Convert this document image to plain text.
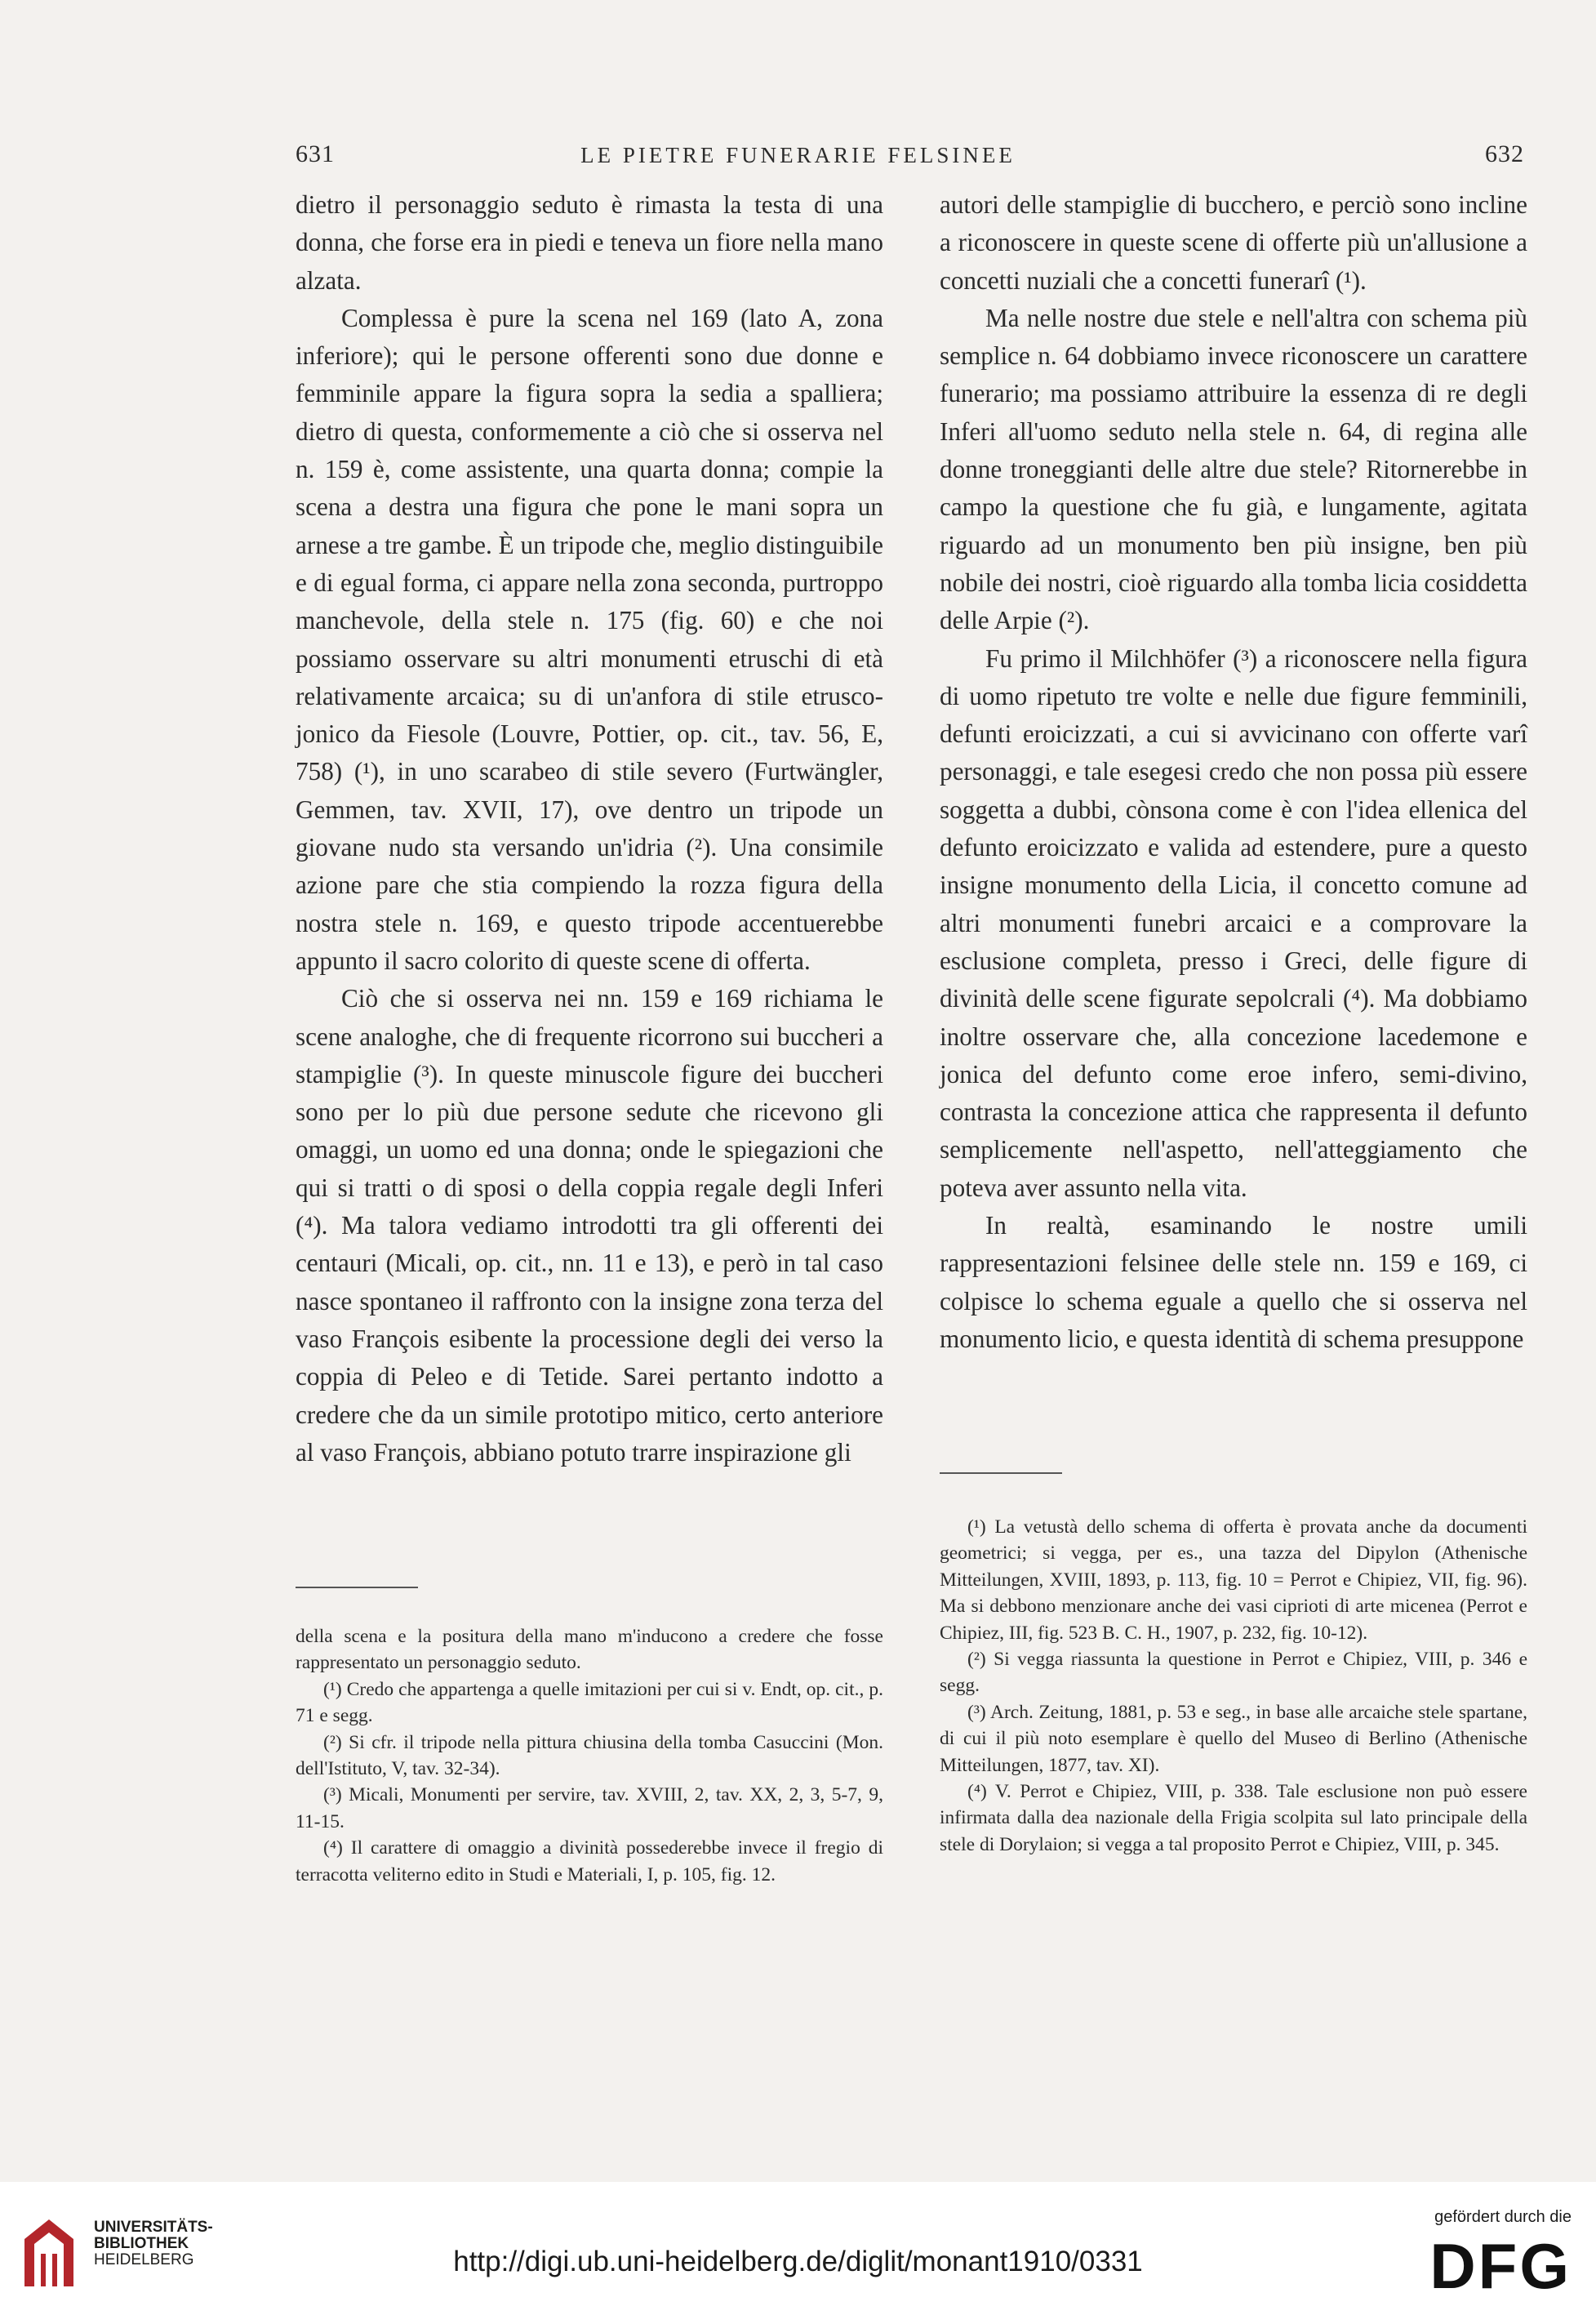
631	LE PIETRE FUNERARIE FELSINEE	632

dietro il personaggio seduto è rimasta la testa di una donna, che forse era in piedi e teneva un fiore nella mano alzata.

Complessa è pure la scena nel 169 (lato A, zona inferiore); qui le persone offerenti sono due donne e femminile appare la figura sopra la sedia a spalliera; dietro di questa, conformemente a ciò che si osserva nel n. 159 è, come assistente, una quarta donna; compie la scena a destra una figura che pone le mani sopra un arnese a tre gambe. È un tripode che, meglio distinguibile e di egual forma, ci appare nella zona seconda, purtroppo manchevole, della stele n. 175 (fig. 60) e che noi possiamo osservare su altri monumenti etruschi di età relativamente arcaica; su di un'anfora di stile etrusco-jonico da Fiesole (Louvre, Pottier, op. cit., tav. 56, E, 758) (¹), in uno scarabeo di stile severo (Furtwängler, Gemmen, tav. XVII, 17), ove dentro un tripode un giovane nudo sta versando un'idria (²). Una consimile azione pare che stia compiendo la rozza figura della nostra stele n. 169, e questo tripode accentuerebbe appunto il sacro colorito di queste scene di offerta.

Ciò che si osserva nei nn. 159 e 169 richiama le scene analoghe, che di frequente ricorrono sui buccheri a stampiglie (³). In queste minuscole figure dei buccheri sono per lo più due persone sedute che ricevono gli omaggi, un uomo ed una donna; onde le spiegazioni che qui si tratti o di sposi o della coppia regale degli Inferi (⁴). Ma talora vediamo introdotti tra gli offerenti dei centauri (Micali, op. cit., nn. 11 e 13), e però in tal caso nasce spontaneo il raffronto con la insigne zona terza del vaso François esibente la processione degli dei verso la coppia di Peleo e di Tetide. Sarei pertanto indotto a credere che da un simile prototipo mitico, certo anteriore al vaso François, abbiano potuto trarre inspirazione gli

autori delle stampiglie di bucchero, e perciò sono incline a riconoscere in queste scene di offerte più un'allusione a concetti nuziali che a concetti funerarî (¹).

Ma nelle nostre due stele e nell'altra con schema più semplice n. 64 dobbiamo invece riconoscere un carattere funerario; ma possiamo attribuire la essenza di re degli Inferi all'uomo seduto nella stele n. 64, di regina alle donne troneggianti delle altre due stele? Ritornerebbe in campo la questione che fu già, e lungamente, agitata riguardo ad un monumento ben più insigne, ben più nobile dei nostri, cioè riguardo alla tomba licia cosiddetta delle Arpie (²).

Fu primo il Milchhöfer (³) a riconoscere nella figura di uomo ripetuto tre volte e nelle due figure femminili, defunti eroicizzati, a cui si avvicinano con offerte varî personaggi, e tale esegesi credo che non possa più essere soggetta a dubbi, cònsona come è con l'idea ellenica del defunto eroicizzato e valida ad estendere, pure a questo insigne monumento della Licia, il concetto comune ad altri monumenti funebri arcaici e a comprovare la esclusione completa, presso i Greci, delle figure di divinità delle scene figurate sepolcrali (⁴). Ma dobbiamo inoltre osservare che, alla concezione lacedemone e jonica del defunto come eroe infero, semi-divino, contrasta la concezione attica che rappresenta il defunto semplicemente nell'aspetto, nell'atteggiamento che poteva aver assunto nella vita.

In realtà, esaminando le nostre umili rappresentazioni felsinee delle stele nn. 159 e 169, ci colpisce lo schema eguale a quello che si osserva nel monumento licio, e questa identità di schema presuppone

della scena e la positura della mano m'inducono a credere che fosse rappresentato un personaggio seduto.

(¹) Credo che appartenga a quelle imitazioni per cui si v. Endt, op. cit., p. 71 e segg.

(²) Si cfr. il tripode nella pittura chiusina della tomba Casuccini (Mon. dell'Istituto, V, tav. 32-34).

(³) Micali, Monumenti per servire, tav. XVIII, 2, tav. XX, 2, 3, 5-7, 9, 11-15.

(⁴) Il carattere di omaggio a divinità possederebbe invece il fregio di terracotta veliterno edito in Studi e Materiali, I, p. 105, fig. 12.

(¹) La vetustà dello schema di offerta è provata anche da documenti geometrici; si vegga, per es., una tazza del Dipylon (Athenische Mitteilungen, XVIII, 1893, p. 113, fig. 10 = Perrot e Chipiez, VII, fig. 96). Ma si debbono menzionare anche dei vasi ciprioti di arte micenea (Perrot e Chipiez, III, fig. 523 B. C. H., 1907, p. 232, fig. 10-12).

(²) Si vegga riassunta la questione in Perrot e Chipiez, VIII, p. 346 e segg.

(³) Arch. Zeitung, 1881, p. 53 e seg., in base alle arcaiche stele spartane, di cui il più noto esemplare è quello del Museo di Berlino (Athenische Mitteilungen, 1877, tav. XI).

(⁴) V. Perrot e Chipiez, VIII, p. 338. Tale esclusione non può essere infirmata dalla dea nazionale della Frigia scolpita sul lato principale della stele di Dorylaion; si vegga a tal proposito Perrot e Chipiez, VIII, p. 345.

UNIVERSITÄTS-
BIBLIOTHEK
HEIDELBERG	http://digi.ub.uni-heidelberg.de/diglit/monant1910/0331
gefördert durch die
DFG
